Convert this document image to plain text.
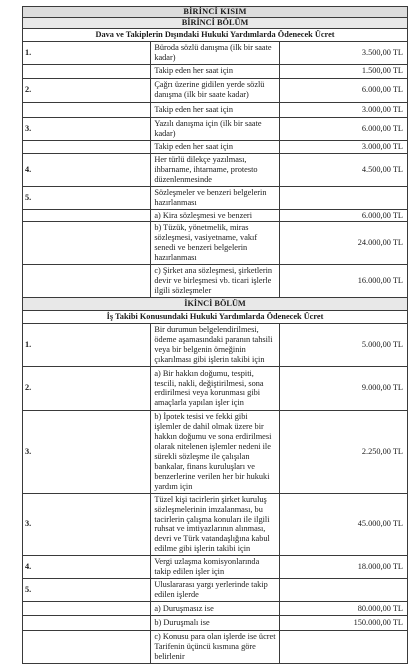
BİRİNCİ KISIM		
BİRİNCİ BÖLÜM		
Dava ve Takiplerin Dışındaki Hukuki Yardımlarda Ödenecek Ücret		
1.	Büroda sözlü danışma (ilk bir saate kadar)	3.500,00 TL
	Takip eden her saat için	1.500,00 TL
2.	Çağrı üzerine gidilen yerde sözlü danışma (ilk bir saate kadar)	6.000,00 TL
	Takip eden her saat için	3.000,00 TL
3.	Yazılı danışma için (ilk bir saate kadar)	6.000,00 TL
	Takip eden her saat için	3.000,00 TL
4.	Her türlü dilekçe yazılması, ihbarname, ihtarname, protesto düzenlenmesinde	4.500,00 TL
5.	Sözleşmeler ve benzeri belgelerin hazırlanması	
	a) Kira sözleşmesi ve benzeri	6.000,00 TL
	b) Tüzük, yönetmelik, miras sözleşmesi, vasiyetname, vakıf senedi ve benzeri belgelerin hazırlanması	24.000,00 TL
	c) Şirket ana sözleşmesi, şirketlerin devir ve birleşmesi vb. ticari işlerle ilgili sözleşmeler	16.000,00 TL
İKİNCİ BÖLÜM		
İş Takibi Konusundaki Hukuki Yardımlarda Ödenecek Ücret		
1.	Bir durumun belgelendirilmesi, ödeme aşamasındaki paranın tahsili veya bir belgenin örneğinin çıkarılması gibi işlerin takibi için	5.000,00 TL
2.	a) Bir hakkın doğumu, tespiti, tescili, nakli, değiştirilmesi, sona erdirilmesi veya korunması gibi amaçlarla yapılan işler için	9.000,00 TL
3.	b) İpotek tesisi ve fekki gibi işlemler de dahil olmak üzere bir hakkın doğumu ve sona erdirilmesi olarak nitelenen işlemler nedeni ile sürekli sözleşme ile çalışılan bankalar, finans kuruluşları ve benzerlerine verilen her bir hukuki yardım için	2.250,00 TL
3.	Tüzel kişi tacirlerin şirket kuruluş sözleşmelerinin imzalanması, bu tacirlerin çalışma konuları ile ilgili ruhsat ve imtiyazlarının alınması, devri ve Türk vatandaşlığına kabul edilme gibi işlerin takibi için	45.000,00 TL
4.	Vergi uzlaşma komisyonlarında takip edilen işler için	18.000,00 TL
5.	Uluslararası yargı yerlerinde takip edilen işlerde	
	a) Duruşmasız ise	80.000,00 TL
	b) Duruşmalı ise	150.000,00 TL
	c) Konusu para olan işlerde ise ücret Tarifenin üçüncü kısmına göre belirlenir	
